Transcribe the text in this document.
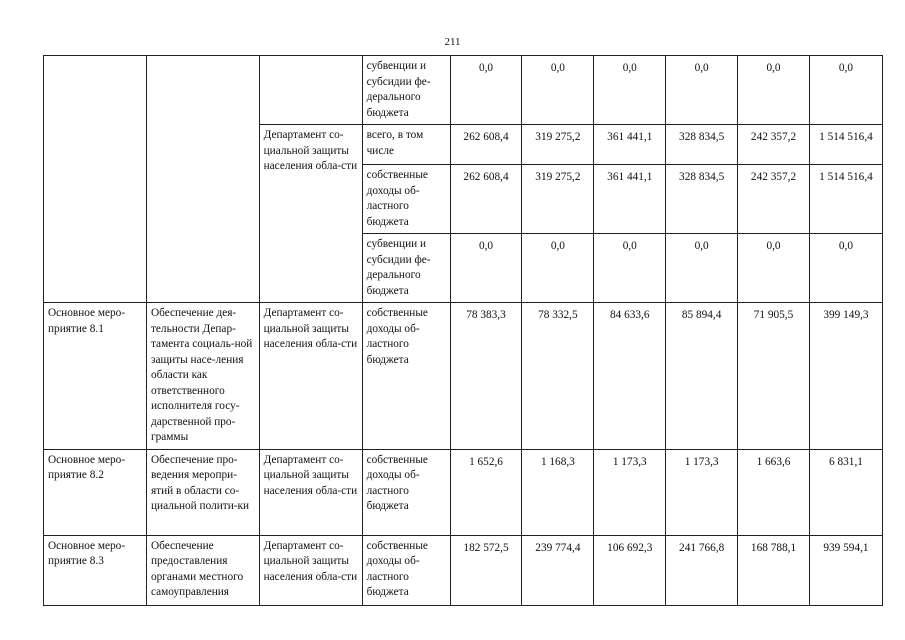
211
			субвенции и субсидии фе-дерального бюджета	0,0	0,0	0,0	0,0	0,0	0,0
		Департамент со-циальной защиты населения обла-сти	всего, в том числе	262 608,4	319 275,2	361 441,1	328 834,5	242 357,2	1 514 516,4
			собственные доходы об-ластного бюджета	262 608,4	319 275,2	361 441,1	328 834,5	242 357,2	1 514 516,4
			субвенции и субсидии фе-дерального бюджета	0,0	0,0	0,0	0,0	0,0	0,0
Основное меро-приятие 8.1	Обеспечение дея-тельности Депар-тамента социаль-ной защиты насе-ления области как ответственного исполнителя госу-дарственной про-граммы	Департамент со-циальной защиты населения обла-сти	собственные доходы об-ластного бюджета	78 383,3	78 332,5	84 633,6	85 894,4	71 905,5	399 149,3
Основное меро-приятие 8.2	Обеспечение про-ведения меропри-ятий в области со-циальной полити-ки	Департамент со-циальной защиты населения обла-сти	собственные доходы об-ластного бюджета	1 652,6	1 168,3	1 173,3	1 173,3	1 663,6	6 831,1
Основное меро-приятие 8.3	Обеспечение предоставления органами местного самоуправления	Департамент со-циальной защиты населения обла-сти	собственные доходы об-ластного бюджета	182 572,5	239 774,4	106 692,3	241 766,8	168 788,1	939 594,1
